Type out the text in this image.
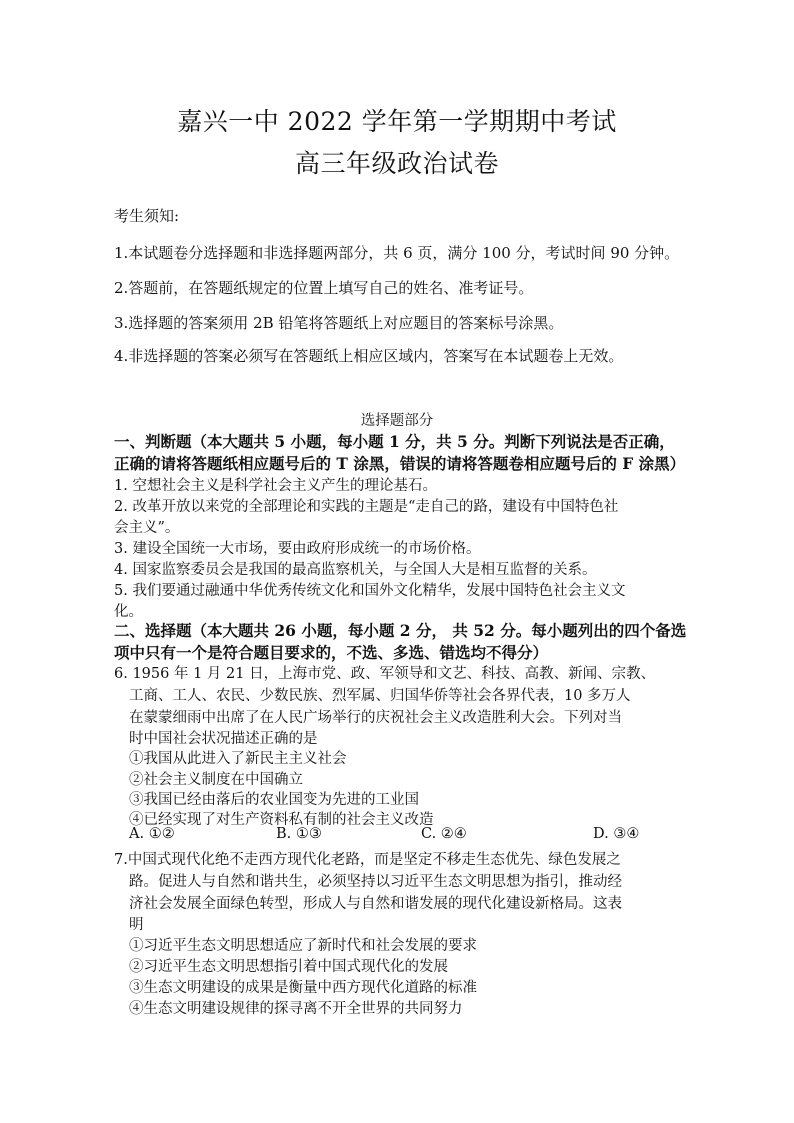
嘉兴一中 2022 学年第一学期期中考试
高三年级政治试卷
考生须知:
1.本试题卷分选择题和非选择题两部分，共 6 页，满分 100 分，考试时间 90 分钟。
2.答题前，在答题纸规定的位置上填写自己的姓名、准考证号。
3.选择题的答案须用 2B 铅笔将答题纸上对应题目的答案标号涂黑。
4.非选择题的答案必须写在答题纸上相应区域内，答案写在本试题卷上无效。
选择题部分
一、判断题（本大题共 5 小题，每小题 1 分，共 5 分。判断下列说法是否正确，
正确的请将答题纸相应题号后的 T 涂黑，错误的请将答题卷相应题号后的 F 涂黑）
1. 空想社会主义是科学社会主义产生的理论基石。
2. 改革开放以来党的全部理论和实践的主题是“走自己的路，建设有中国特色社
会主义”。
3. 建设全国统一大市场，要由政府形成统一的市场价格。
4. 国家监察委员会是我国的最高监察机关，与全国人大是相互监督的关系。
5. 我们要通过融通中华优秀传统文化和国外文化精华，发展中国特色社会主义文
化。
二、选择题（本大题共 26 小题，每小题 2 分， 共 52 分。每小题列出的四个备选
项中只有一个是符合题目要求的，不选、多选、错选均不得分）
6. 1956 年 1 月 21 日，上海市党、政、军领导和文艺、科技、高教、新闻、宗教、
工商、工人、农民、少数民族、烈军属、归国华侨等社会各界代表，10 多万人
在蒙蒙细雨中出席了在人民广场举行的庆祝社会主义改造胜利大会。下列对当
时中国社会状况描述正确的是
①我国从此进入了新民主主义社会
②社会主义制度在中国确立
③我国已经由落后的农业国变为先进的工业国
④已经实现了对生产资料私有制的社会主义改造
A. ①②	B. ①③	C. ②④	D. ③④
7.中国式现代化绝不走西方现代化老路，而是坚定不移走生态优先、绿色发展之
路。促进人与自然和谐共生，必须坚持以习近平生态文明思想为指引，推动经
济社会发展全面绿色转型，形成人与自然和谐发展的现代化建设新格局。这表
明
①习近平生态文明思想适应了新时代和社会发展的要求
②习近平生态文明思想指引着中国式现代化的发展
③生态文明建设的成果是衡量中西方现代化道路的标准
④生态文明建设规律的探寻离不开全世界的共同努力
